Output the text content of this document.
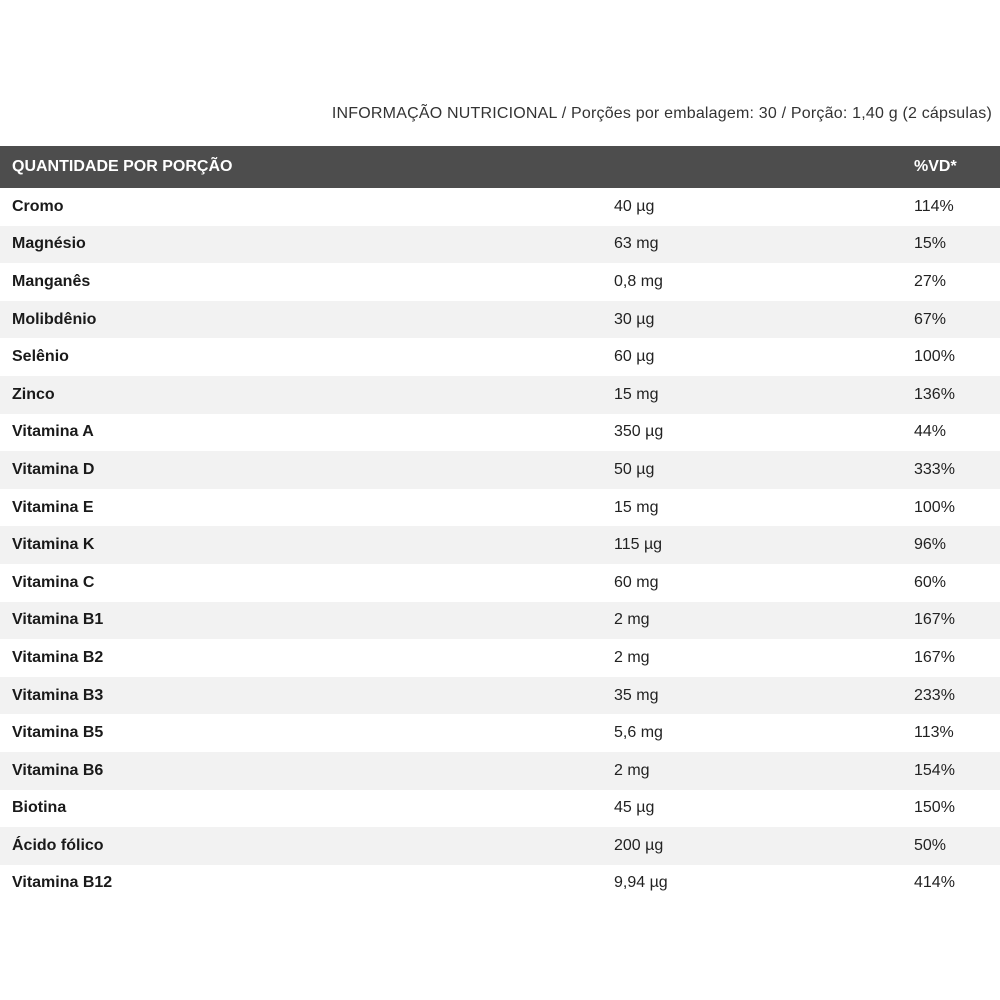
INFORMAÇÃO NUTRICIONAL / Porções por embalagem: 30 / Porção: 1,40 g (2 cápsulas)
QUANTIDADE POR PORÇÃO	%VD*
Cromo	40 µg	114%
Magnésio	63 mg	15%
Manganês	0,8 mg	27%
Molibdênio	30 µg	67%
Selênio	60 µg	100%
Zinco	15 mg	136%
Vitamina A	350 µg	44%
Vitamina D	50 µg	333%
Vitamina E	15 mg	100%
Vitamina K	115 µg	96%
Vitamina C	60 mg	60%
Vitamina B1	2 mg	167%
Vitamina B2	2 mg	167%
Vitamina B3	35 mg	233%
Vitamina B5	5,6 mg	113%
Vitamina B6	2 mg	154%
Biotina	45 µg	150%
Ácido fólico	200 µg	50%
Vitamina B12	9,94 µg	414%
